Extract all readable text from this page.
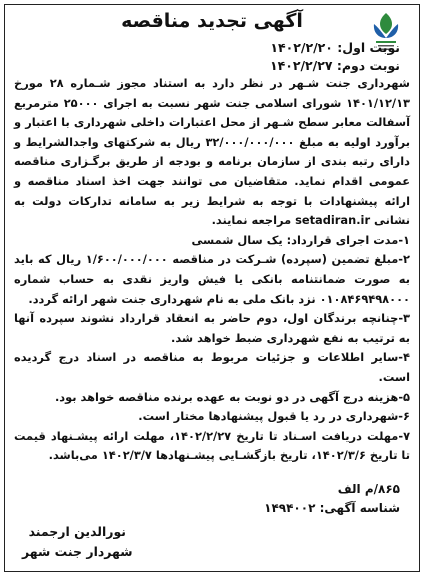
آگهی تجدید مناقصه
نوبت اول: ۱۴۰۲/۲/۲۰
نوبت دوم: ۱۴۰۲/۲/۲۷

شهرداری جنت شـهر در نظر دارد به استناد مجوز شـماره ۲۸ مورخ ۱۴۰۱/۱۲/۱۳ شورای اسلامی جنت شهر نسبت به اجرای ۲۵۰۰۰ مترمربع آسفالت معابر سطح شـهر از محل اعتبارات داخلی شهرداری با اعتبار و برآورد اولیه به مبلغ ۳۲/۰۰۰/۰۰۰/۰۰۰ ریال به شرکتهای واجدالشرایط و دارای رتبه بندی از سازمان برنامه و بودجه از طریق برگـزاری مناقصه عمومی اقدام نماید. متقاضیان می توانند جهت اخذ اسناد مناقصه و ارائه پیشنهادات با توجه به شرایط زیر به سامانه تدارکات دولت به نشانی setadiran.ir مراجعه نمایند.

۱-مدت اجرای قرارداد: یک سال شمسی

۲-مبلغ تضمین (سپرده) شـرکت در مناقصه ۱/۶۰۰/۰۰۰/۰۰۰ ریال که باید به صورت ضمانتنامه بانکی یا فیش واریز نقدی به حساب شماره ۰۱۰۸۴۶۹۴۹۸۰۰۰ نزد بانک ملی به نام شهرداری جنت شهر ارائه گردد.

۳-چنانچه برندگان اول، دوم حاضر به انعقاد قرارداد نشوند سپرده آنها به ترتیب به نفع شهرداری ضبط خواهد شد.

۴-سایر اطلاعات و جزئیات مربوط به مناقصه در اسناد درج گردیده است.

۵-هزینه درج آگهی در دو نوبت به عهده برنده مناقصه خواهد بود.

۶-شهرداری در رد یا قبول پیشنهادها مختار است.

۷-مهلت دریافت اسـناد تا تاریخ ۱۴۰۲/۲/۲۷، مهلت ارائه پیشـنهاد قیمت تا تاریخ ۱۴۰۲/۳/۶، تاریخ بازگشـایی پیشـنهادها ۱۴۰۲/۳/۷ می‌باشد.

۸۶۵/م الف
شناسه آگهی: ۱۴۹۴۰۰۲
نورالدین ارجمند
شهردار جنت شهر
